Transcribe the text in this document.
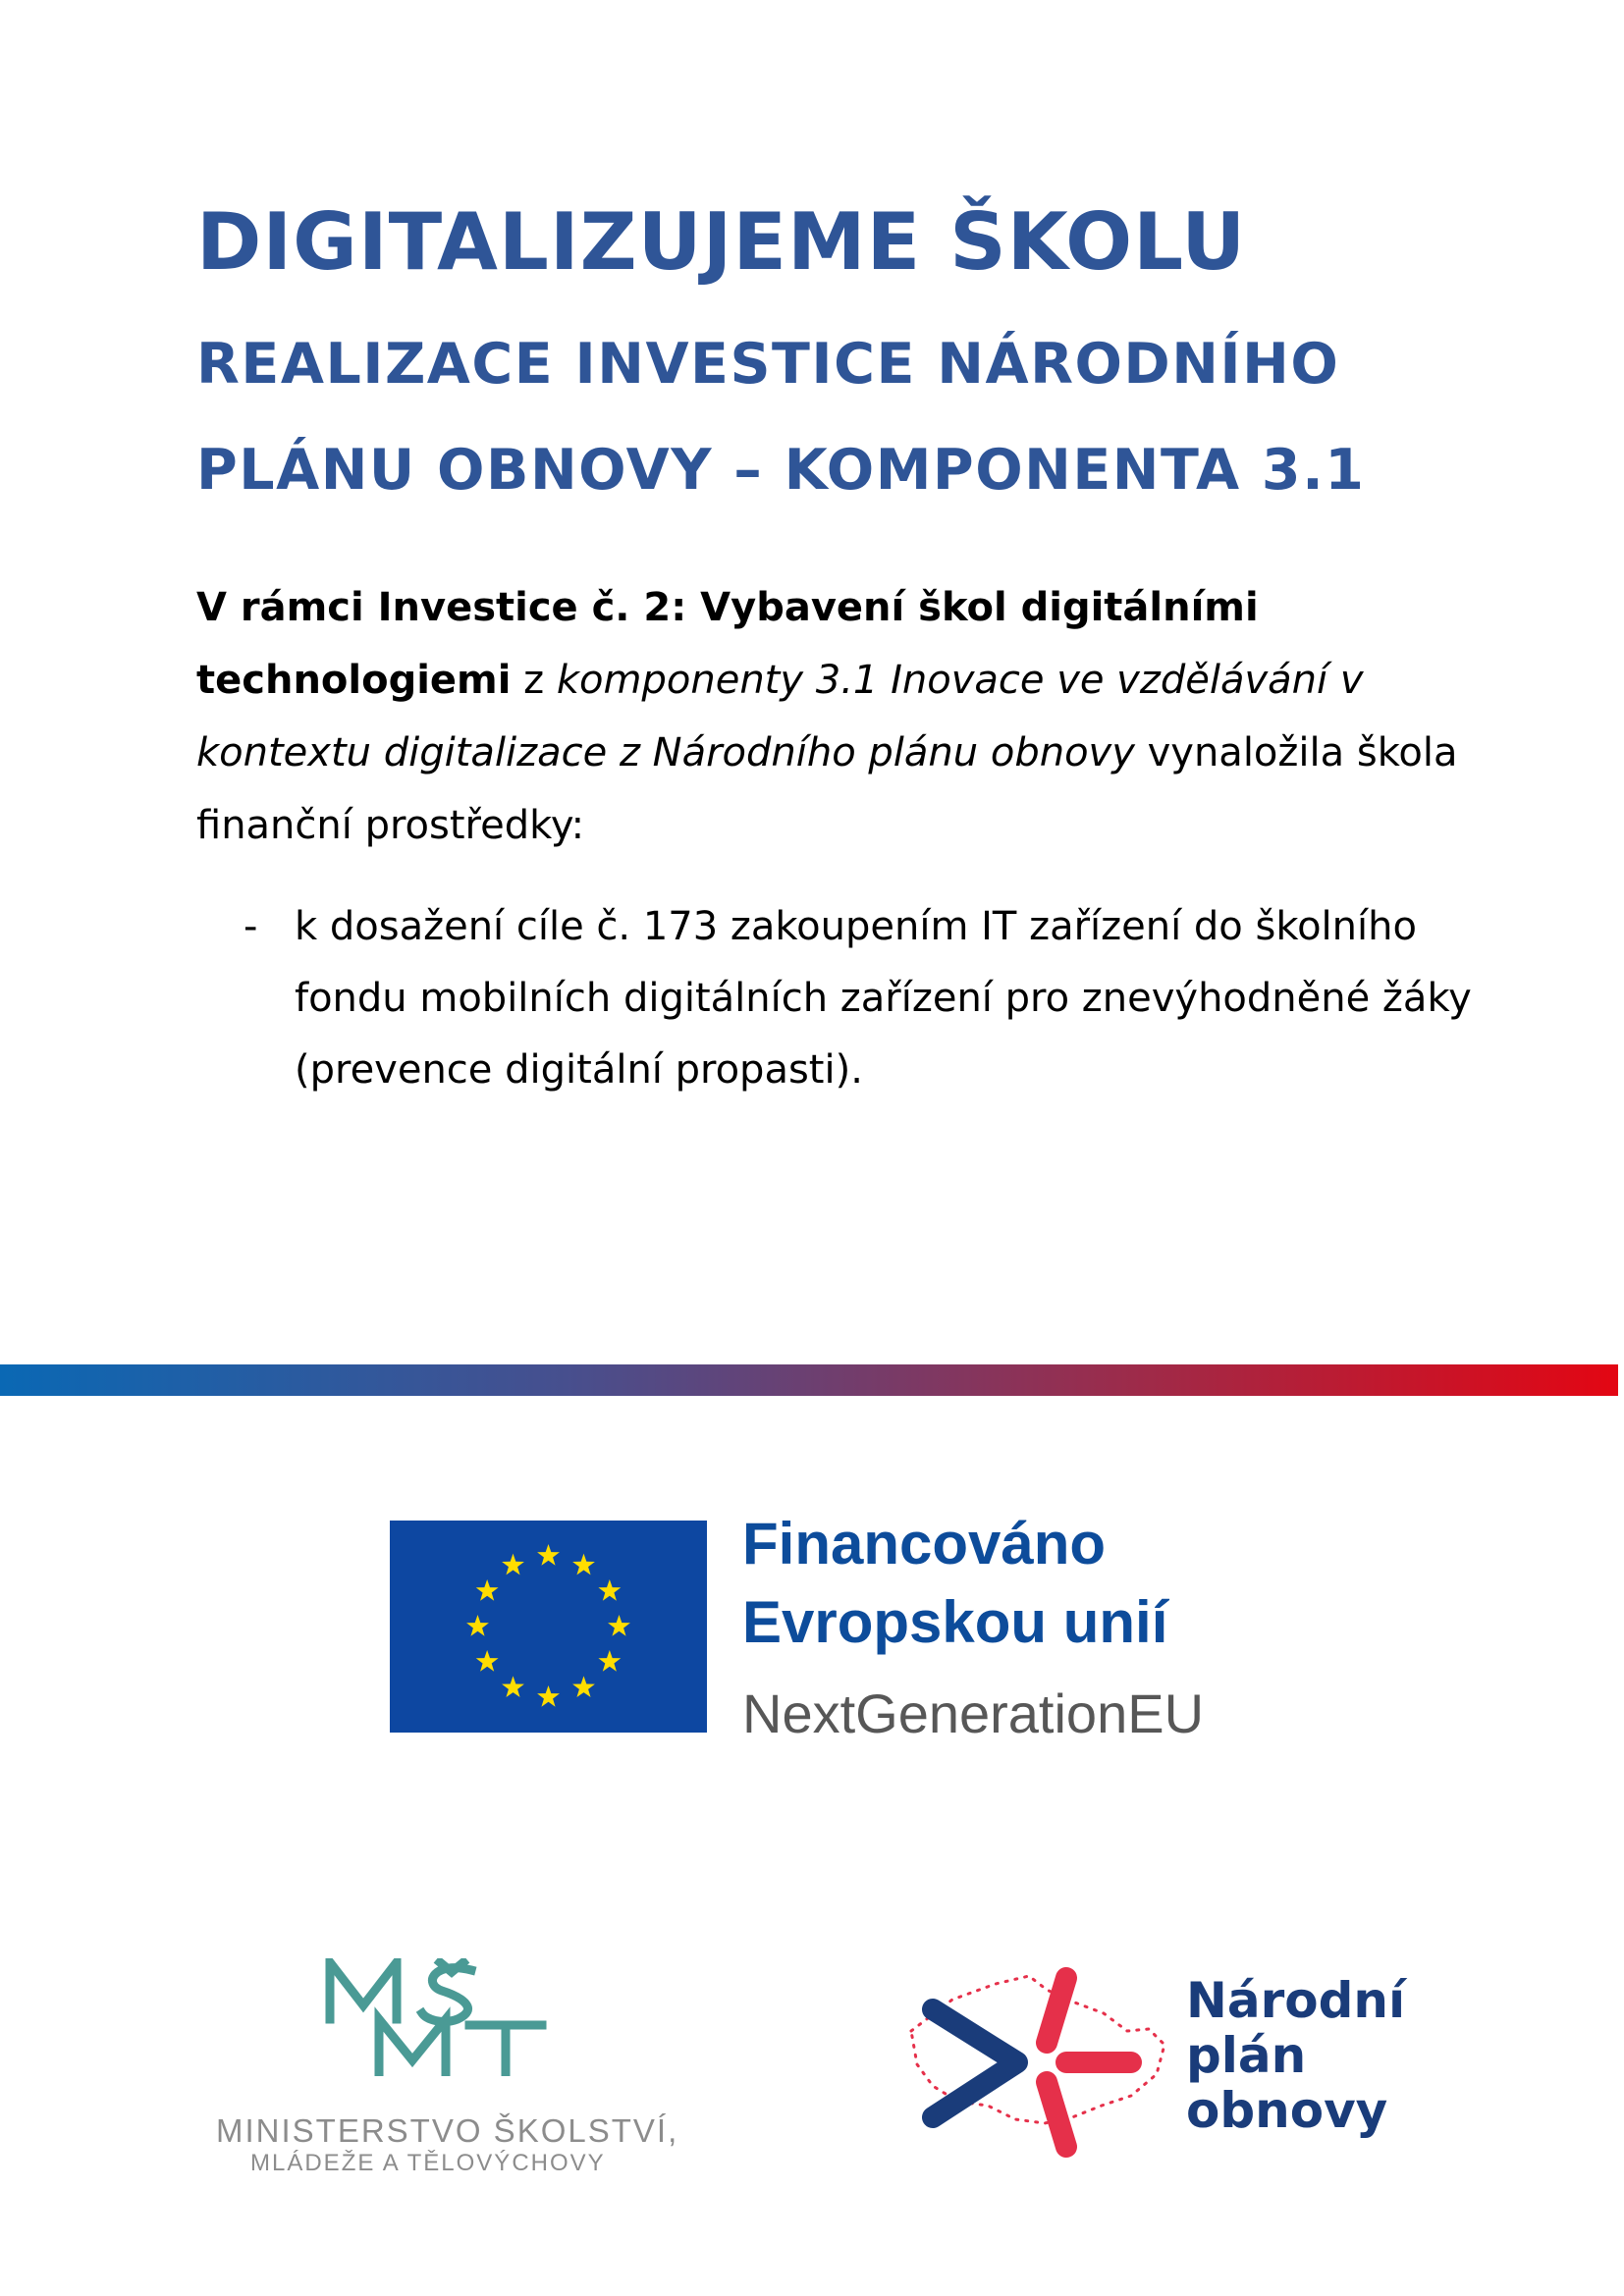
DIGITALIZUJEME ŠKOLU
REALIZACE INVESTICE NÁRODNÍHO
PLÁNU OBNOVY – KOMPONENTA 3.1
V rámci Investice č. 2: Vybavení škol digitálními technologiemi z komponenty 3.1 Inovace ve vzdělávání v kontextu digitalizace z Národního plánu obnovy vynaložila škola finanční prostředky:
- k dosažení cíle č. 173 zakoupením IT zařízení do školního fondu mobilních digitálních zařízení pro znevýhodněné žáky (prevence digitální propasti).
Financováno
Evropskou unií
NextGenerationEU
MINISTERSTVO ŠKOLSTVÍ,
MLÁDEŽE A TĚLOVÝCHOVY
Národní
plán
obnovy
